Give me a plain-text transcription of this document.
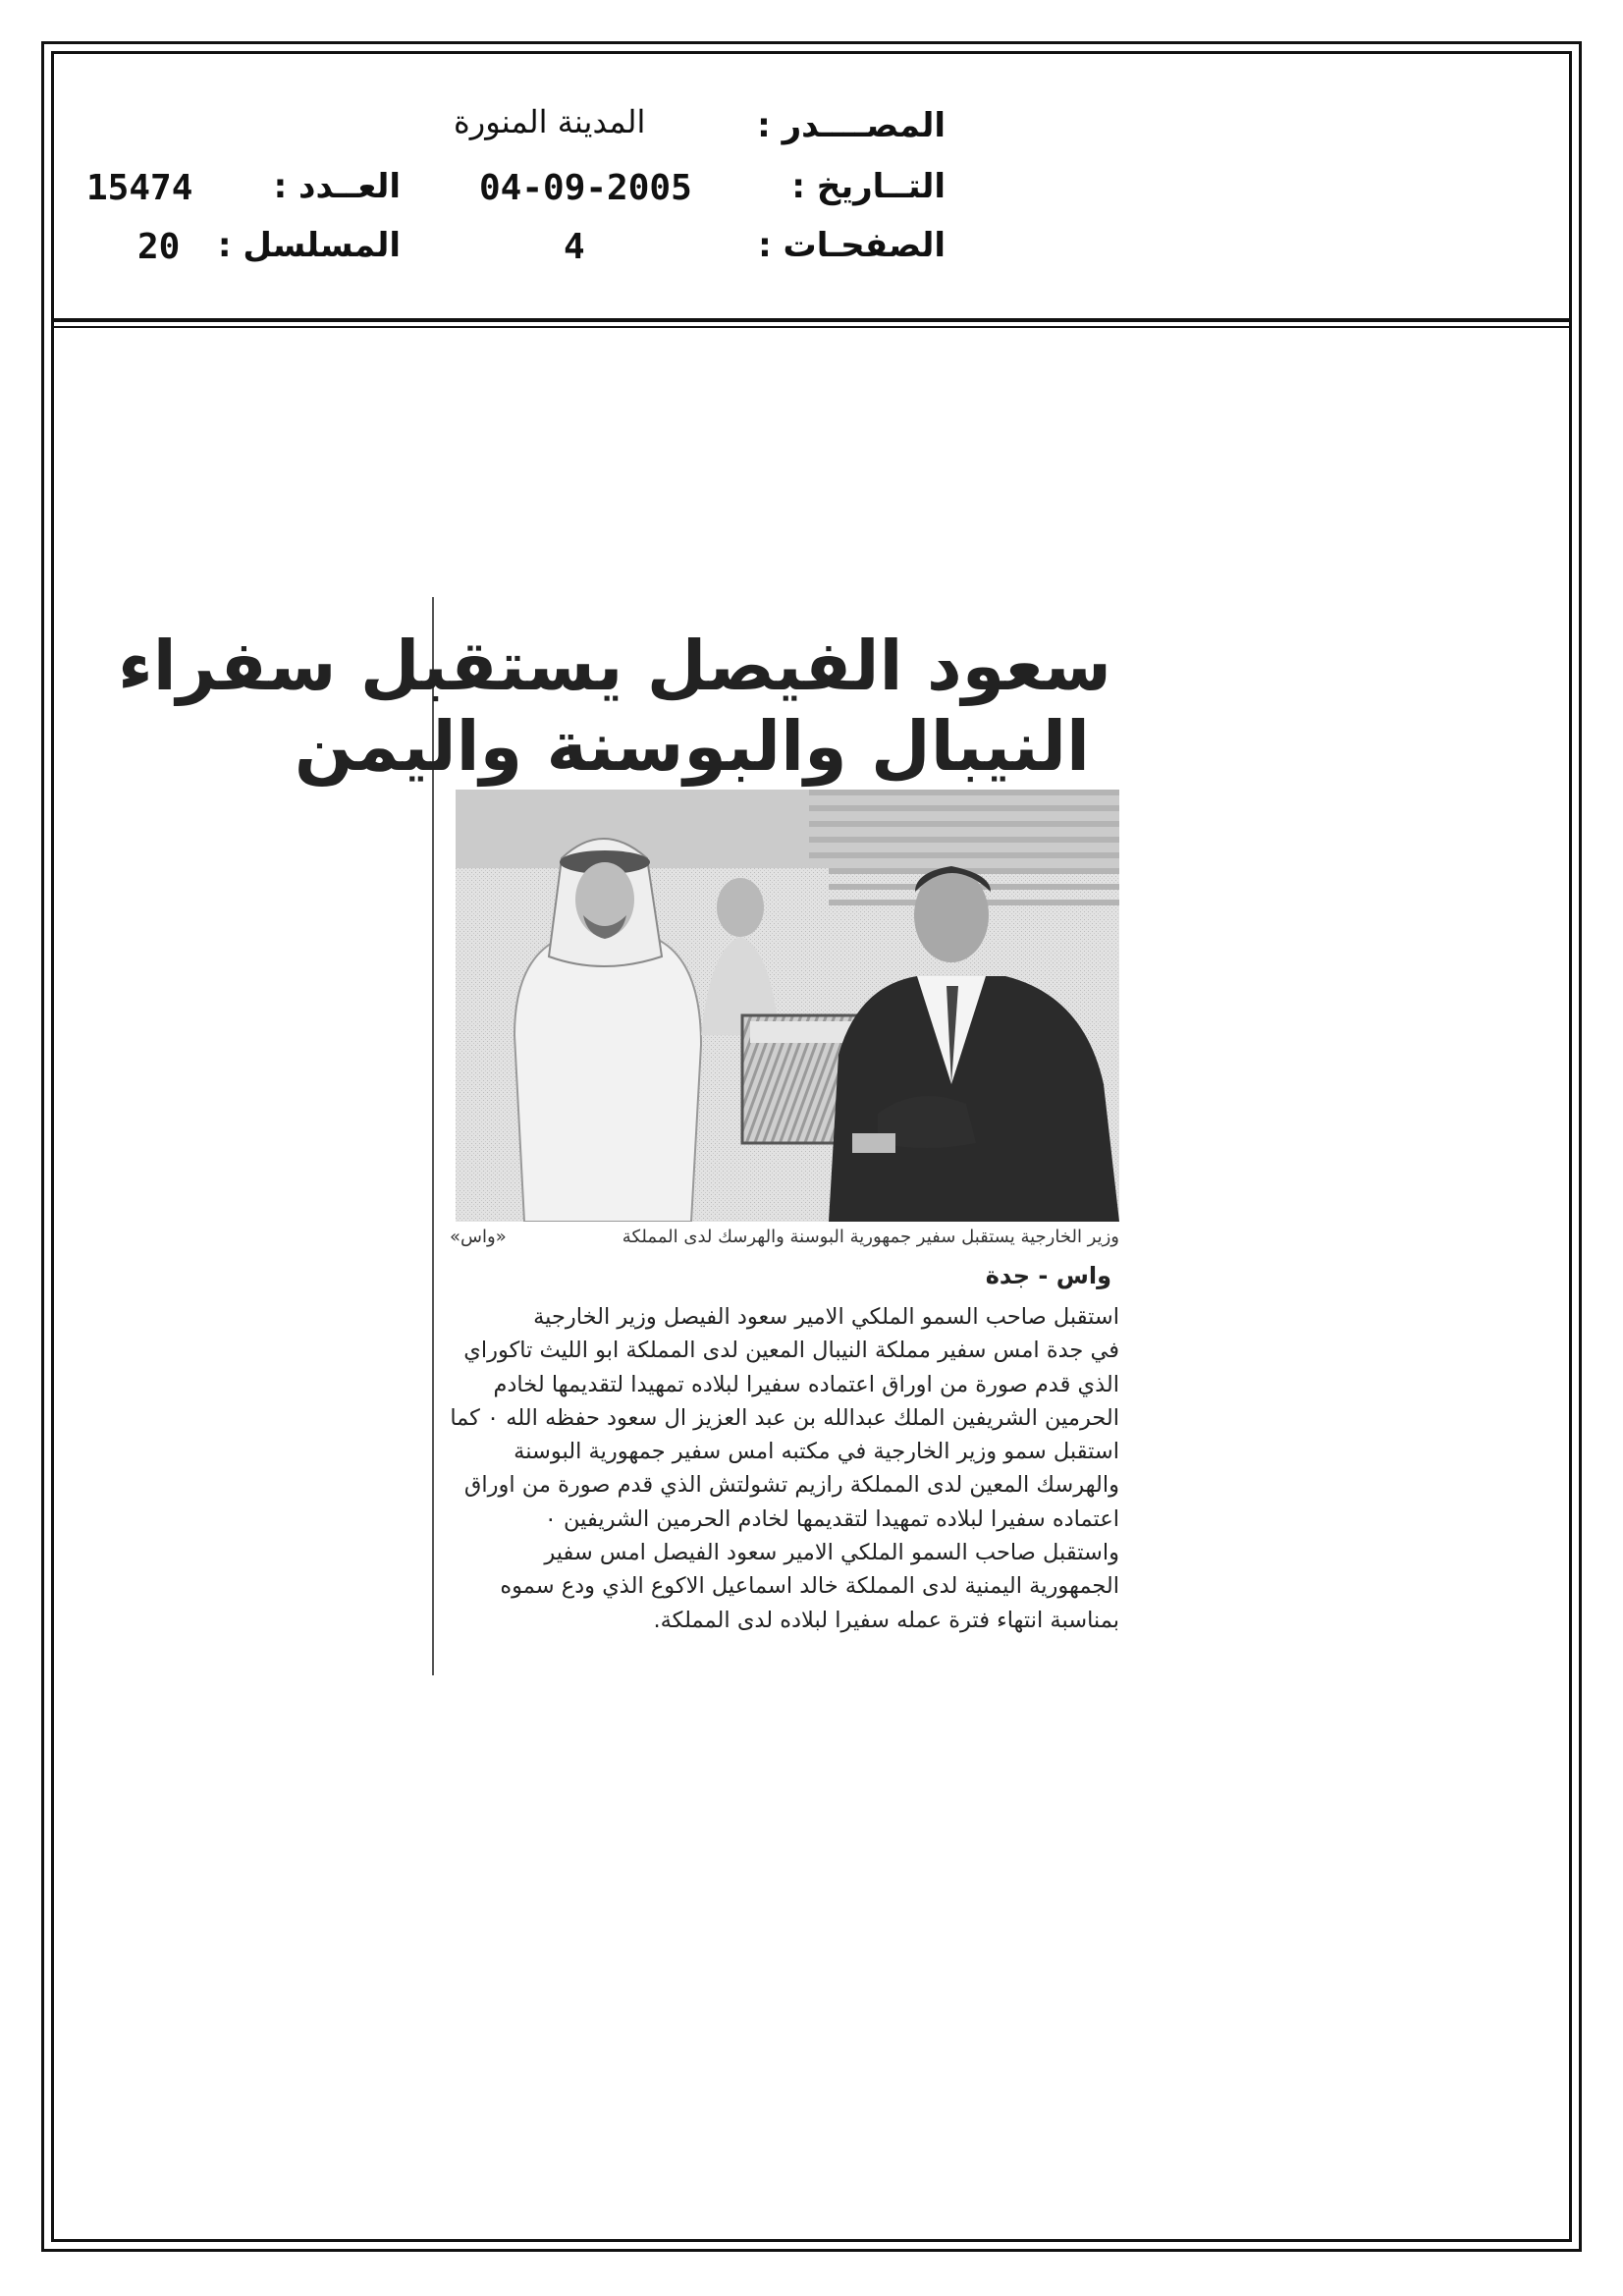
المصــــدر :
المدينة المنورة
التــاريخ :
04-09-2005
العــدد :
15474
الصفحـات :
4
المسلسل :
20
سعود الفيصل يستقبل سفراء
النيبال والبوسنة واليمن
وزير الخارجية يستقبل سفير جمهورية البوسنة والهرسك لدى المملكة
«واس»
واس - جدة
استقبل صاحب السمو الملكي الامير سعود الفيصل وزير الخارجية
في جدة امس سفير مملكة النيبال المعين لدى المملكة ابو الليث تاكوراي
الذي قدم صورة من اوراق اعتماده سفيرا لبلاده تمهيدا لتقديمها لخادم
الحرمين الشريفين الملك عبدالله بن عبد العزيز ال سعود حفظه الله ٠ كما
استقبل سمو وزير الخارجية في مكتبه امس سفير جمهورية البوسنة
والهرسك المعين لدى المملكة رازيم تشولتش الذي قدم صورة من اوراق
اعتماده سفيرا لبلاده تمهيدا لتقديمها لخادم الحرمين الشريفين ٠
واستقبل صاحب السمو الملكي الامير سعود الفيصل امس سفير
الجمهورية اليمنية لدى المملكة خالد اسماعيل الاكوع الذي ودع سموه
بمناسبة انتهاء فترة عمله سفيرا لبلاده لدى المملكة.
